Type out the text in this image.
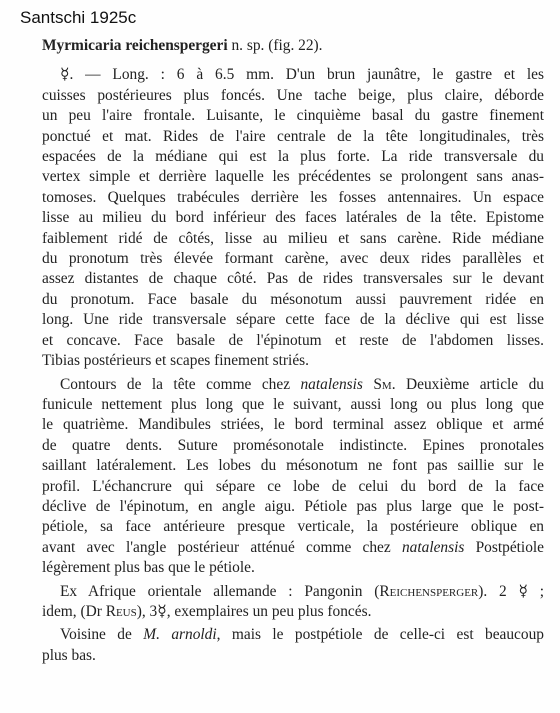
Santschi 1925c
Myrmicaria reichenspergeri n. sp. (fig. 22).
☿. — Long. : 6 à 6.5 mm. D'un brun jaunâtre, le gastre et les
cuisses postérieures plus foncés. Une tache beige, plus claire, déborde
un peu l'aire frontale. Luisante, le cinquième basal du gastre finement
ponctué et mat. Rides de l'aire centrale de la tête longitudinales, très
espacées de la médiane qui est la plus forte. La ride transversale du
vertex simple et derrière laquelle les précédentes se prolongent sans anas-
tomoses. Quelques trabécules derrière les fosses antennaires. Un espace
lisse au milieu du bord inférieur des faces latérales de la tête. Epistome
faiblement ridé de côtés, lisse au milieu et sans carène. Ride médiane
du pronotum très élevée formant carène, avec deux rides parallèles et
assez distantes de chaque côté. Pas de rides transversales sur le devant
du pronotum. Face basale du mésonotum aussi pauvrement ridée en
long. Une ride transversale sépare cette face de la déclive qui est lisse
et concave. Face basale de l'épinotum et reste de l'abdomen lisses.
Tibias postérieurs et scapes finement striés.
Contours de la tête comme chez natalensis Sm. Deuxième article du
funicule nettement plus long que le suivant, aussi long ou plus long que
le quatrième. Mandibules striées, le bord terminal assez oblique et armé
de quatre dents. Suture promésonotale indistincte. Epines pronotales
saillant latéralement. Les lobes du mésonotum ne font pas saillie sur le
profil. L'échancrure qui sépare ce lobe de celui du bord de la face
déclive de l'épinotum, en angle aigu. Pétiole pas plus large que le post-
pétiole, sa face antérieure presque verticale, la postérieure oblique en
avant avec l'angle postérieur atténué comme chez natalensis Postpétiole
légèrement plus bas que le pétiole.
Ex Afrique orientale allemande : Pangonin (Reichensperger). 2 ☿ ;
idem, (Dr Reus), 3☿, exemplaires un peu plus foncés.
Voisine de M. arnoldi, mais le postpétiole de celle-ci est beaucoup
plus bas.
